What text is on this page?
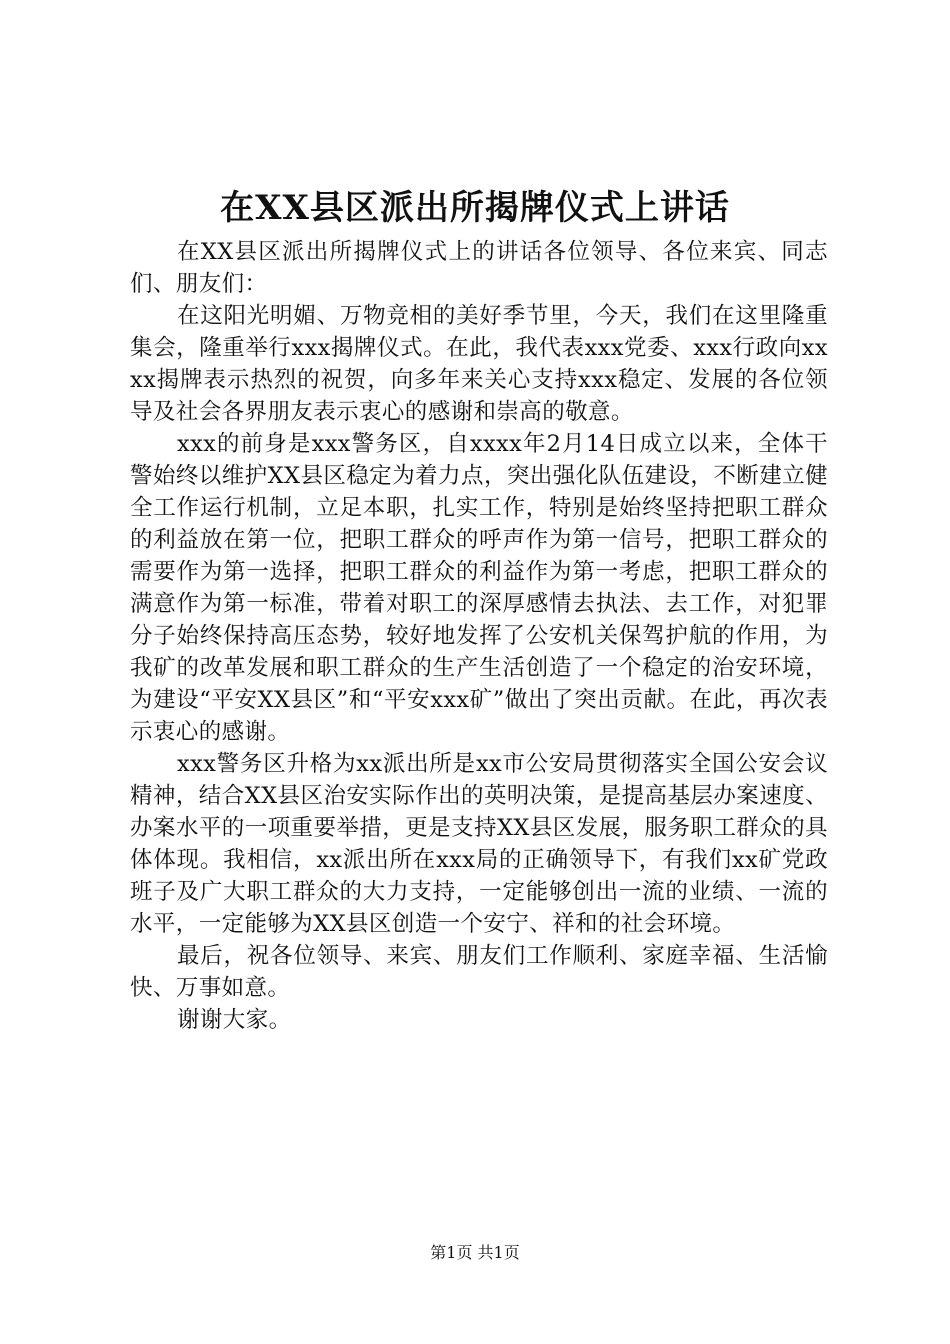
在XX县区派出所揭牌仪式上讲话

在XX县区派出所揭牌仪式上的讲话各位领导、各位来宾、同志们、朋友们：

在这阳光明媚、万物竞相的美好季节里，今天，我们在这里隆重集会，隆重举行xxx揭牌仪式。在此，我代表xxx党委、xxx行政向xxxx揭牌表示热烈的祝贺，向多年来关心支持xxx稳定、发展的各位领导及社会各界朋友表示衷心的感谢和崇高的敬意。

xxx的前身是xxx警务区，自xxxx年2月14日成立以来，全体干警始终以维护XX县区稳定为着力点，突出强化队伍建设，不断建立健全工作运行机制，立足本职，扎实工作，特别是始终坚持把职工群众的利益放在第一位，把职工群众的呼声作为第一信号，把职工群众的需要作为第一选择，把职工群众的利益作为第一考虑，把职工群众的满意作为第一标准，带着对职工的深厚感情去执法、去工作，对犯罪分子始终保持高压态势，较好地发挥了公安机关保驾护航的作用，为我矿的改革发展和职工群众的生产生活创造了一个稳定的治安环境，为建设“平安XX县区”和“平安xxx矿”做出了突出贡献。在此，再次表示衷心的感谢。

xxx警务区升格为xx派出所是xx市公安局贯彻落实全国公安会议精神，结合XX县区治安实际作出的英明决策，是提高基层办案速度、办案水平的一项重要举措，更是支持XX县区发展，服务职工群众的具体体现。我相信，xx派出所在xxx局的正确领导下，有我们xx矿党政班子及广大职工群众的大力支持，一定能够创出一流的业绩、一流的水平，一定能够为XX县区创造一个安宁、祥和的社会环境。

最后，祝各位领导、来宾、朋友们工作顺利、家庭幸福、生活愉快、万事如意。

谢谢大家。

第1页 共1页
